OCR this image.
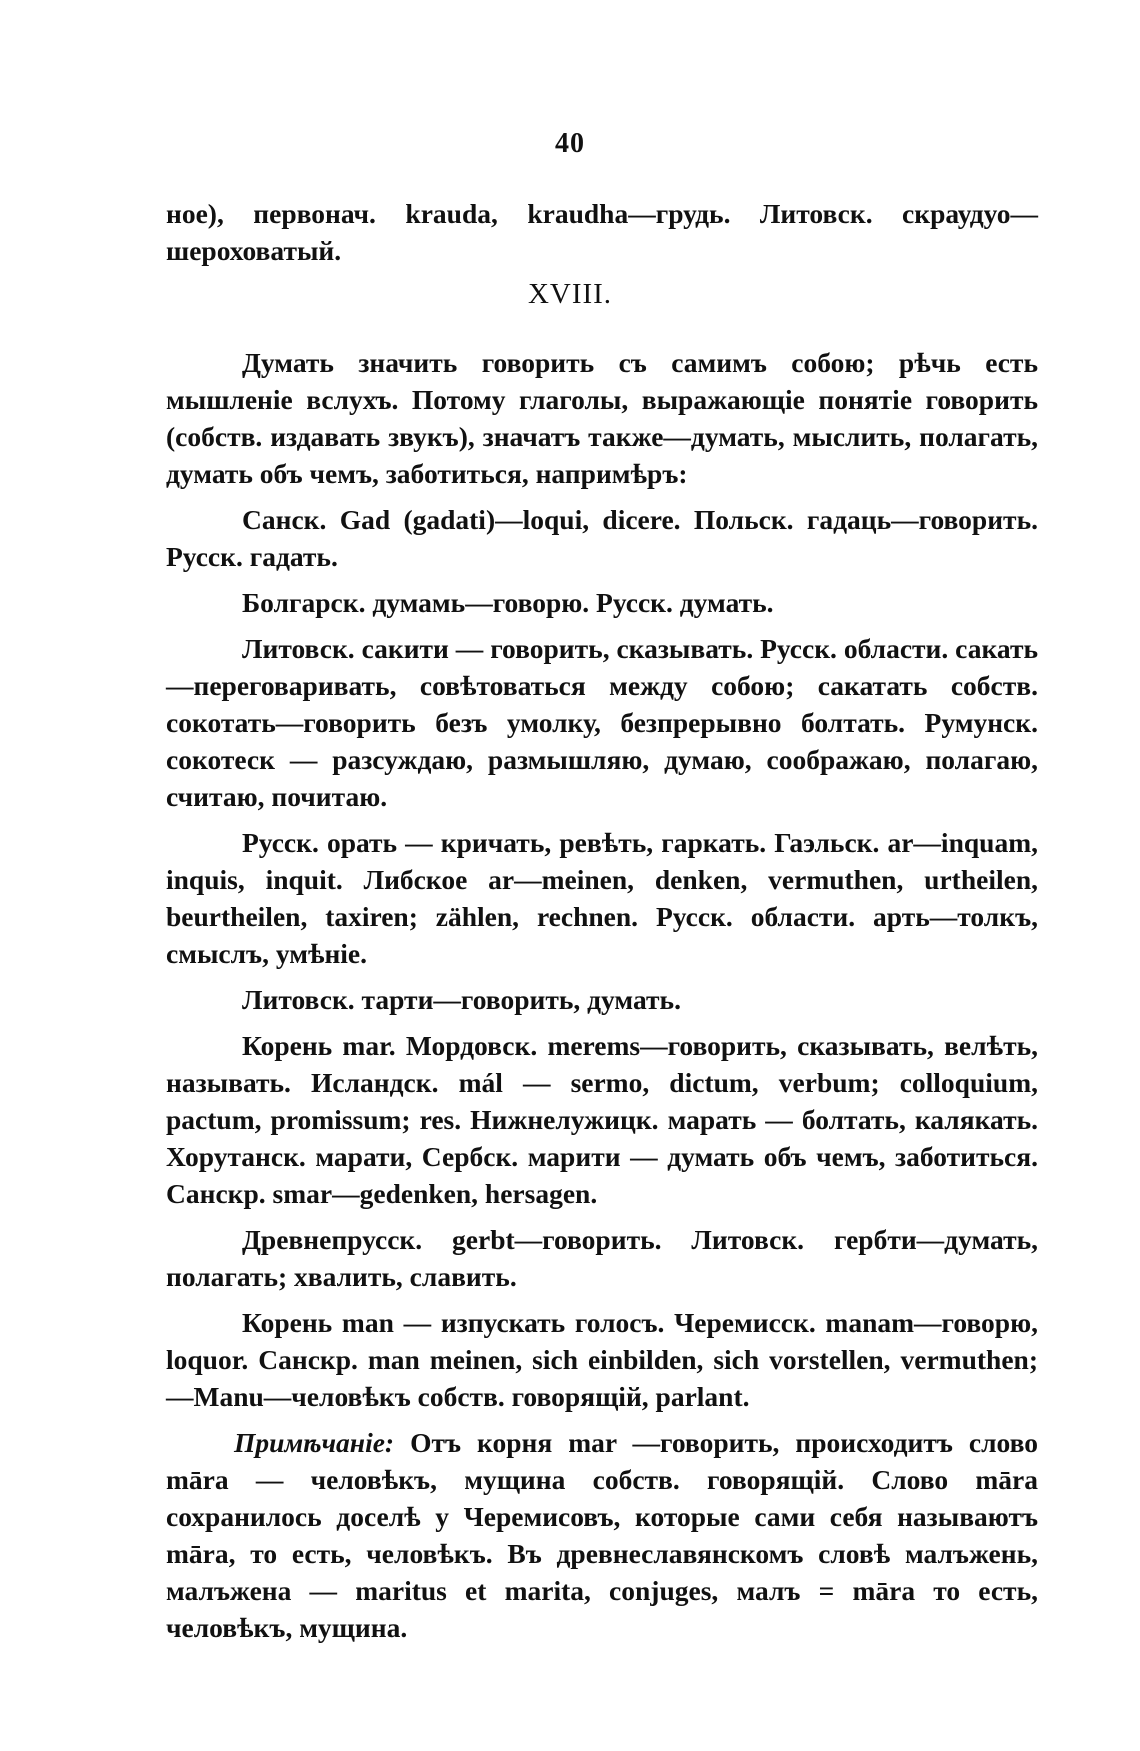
40
ное), первонач. krauda, kraudha—грудь. Литовск. скраудуо—шероховатый.
XVIII.

Думать значить говорить съ самимъ собою; рѣчь есть мышленіе вслухъ. Потому глаголы, выражающіе понятіе говорить (собств. издавать звукъ), значатъ также—думать, мыслить, полагать, думать объ чемъ, заботиться, напримѣръ:

Санск. Gad (gadati)—loqui, dicere. Польск. гадаць—говорить. Русск. гадать.

Болгарск. думамь—говорю. Русск. думать.

Литовск. сакити — говорить, сказывать. Русск. области. сакать—переговаривать, совѣтоваться между собою; сакатать собств. сокотать—говорить безъ умолку, безпрерывно болтать. Румунск. сокотеск — разсуждаю, размышляю, думаю, соображаю, полагаю, считаю, почитаю.

Русск. орать — кричать, ревѣть, гаркать. Гаэльск. ar—inquam, inquis, inquit. Либское ar—meinen, denken, vermuthen, urtheilen, beurtheilen, taxiren; zählen, rechnen. Русск. области. арть—толкъ, смыслъ, умѣніе.

Литовск. тарти—говорить, думать.

Корень mar. Мордовск. merems—говорить, сказывать, велѣть, называть. Исландск. mál — sermo, dictum, verbum; colloquium, pactum, promissum; res. Нижнелужицк. марать — болтать, калякать. Хорутанск. марати, Сербск. марити — думать объ чемъ, заботиться. Санскр. smar—gedenken, hersagen.

Древнепрусск. gerbt—говорить. Литовск. гербти—думать, полагать; хвалить, славить.

Корень man — изпускать голосъ. Черемисск. manam—говорю, loquor. Санскр. man meinen, sich einbilden, sich vorstellen, vermuthen;—Manu—человѣкъ собств. говорящій, parlant.

Примѣчаніе: Отъ корня mar —говорить, происходитъ слово māra — человѣкъ, мущина собств. говорящій. Слово māra сохранилось доселѣ у Черемисовъ, которые сами себя называютъ māra, то есть, человѣкъ. Въ древнеславянскомъ словѣ малъжень, малъжена — maritus et marita, conjuges, малъ = māra то есть, человѣкъ, мущина.
